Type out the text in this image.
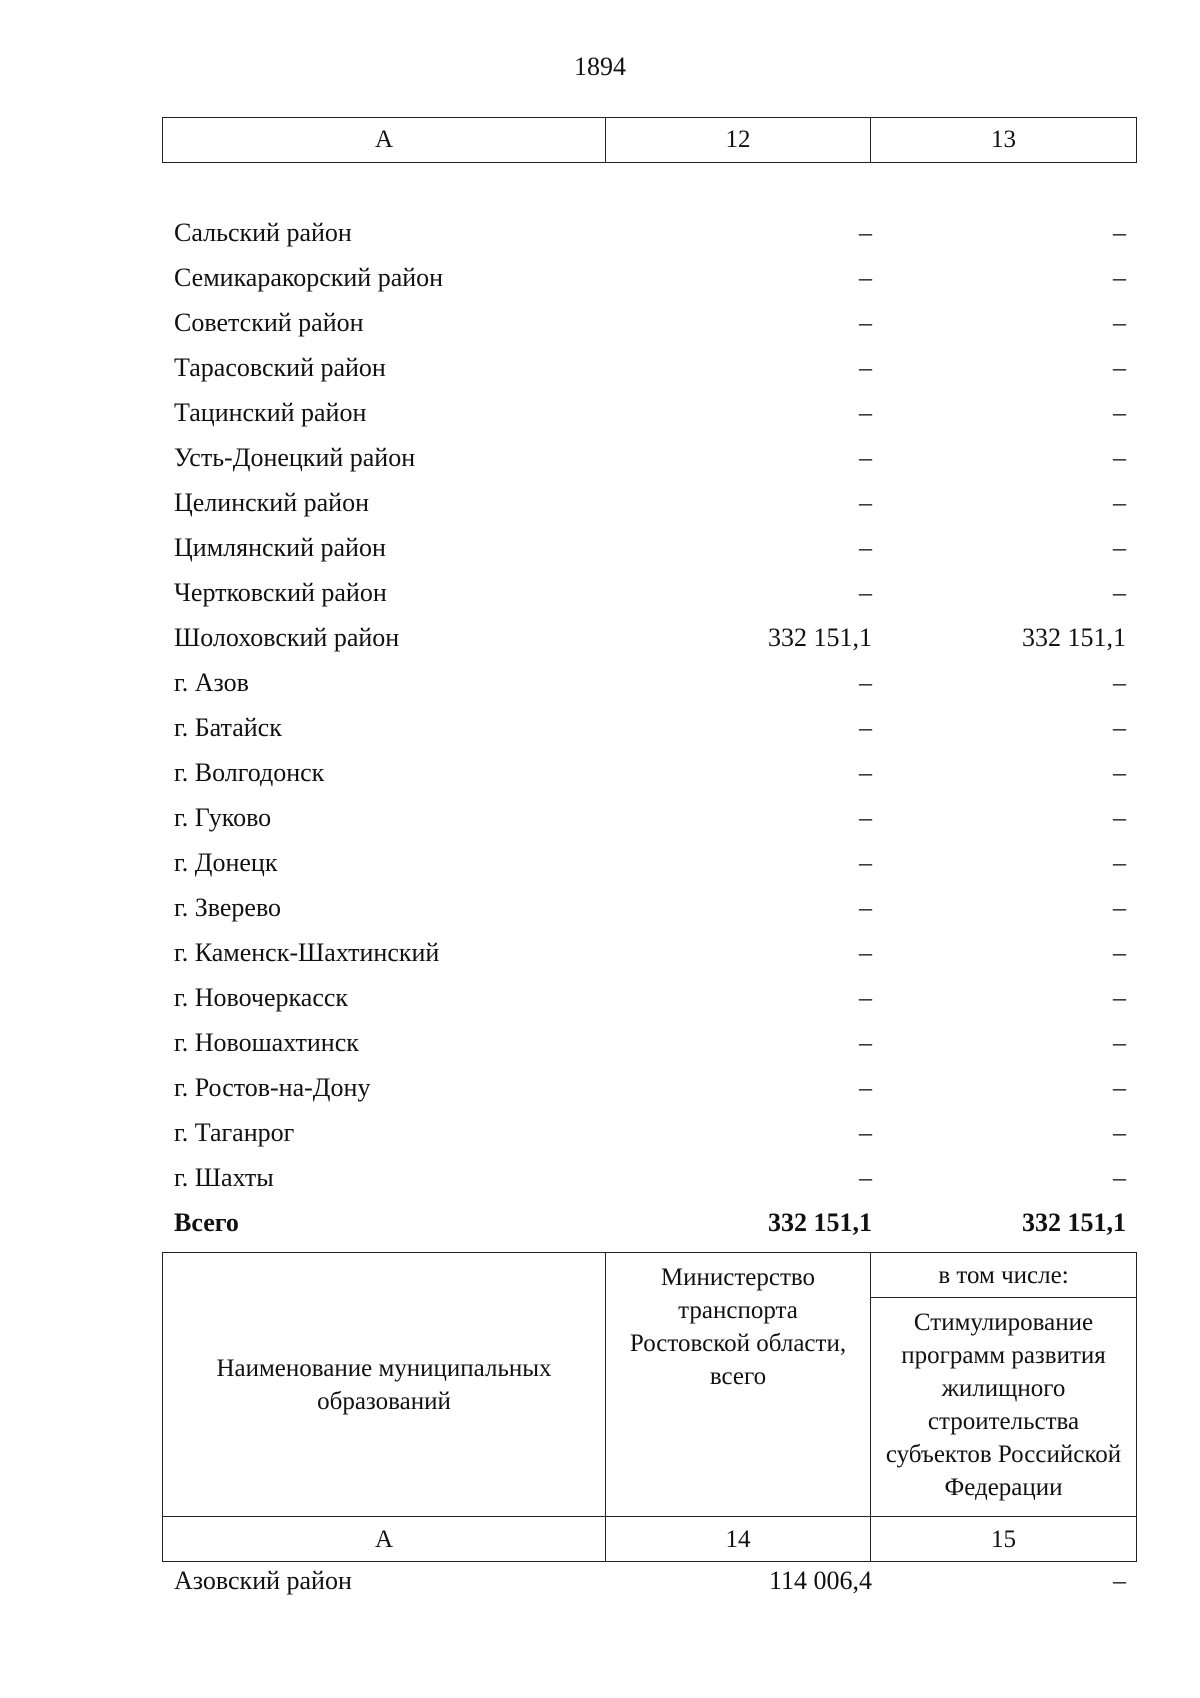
1894
А	12	13
Сальский район	–	–
Семикаракорский район	–	–
Советский район	–	–
Тарасовский район	–	–
Тацинский район	–	–
Усть-Донецкий район	–	–
Целинский район	–	–
Цимлянский район	–	–
Чертковский район	–	–
Шолоховский район	332 151,1	332 151,1
г. Азов	–	–
г. Батайск	–	–
г. Волгодонск	–	–
г. Гуково	–	–
г. Донецк	–	–
г. Зверево	–	–
г. Каменск-Шахтинский	–	–
г. Новочеркасск	–	–
г. Новошахтинск	–	–
г. Ростов-на-Дону	–	–
г. Таганрог	–	–
г. Шахты	–	–
Всего	332 151,1	332 151,1
Наименование муниципальных образований	Министерство транспорта Ростовской области, всего	в том числе:
		Стимулирование программ развития жилищного строительства субъектов Российской Федерации
А	14	15
Азовский район	114 006,4	–
